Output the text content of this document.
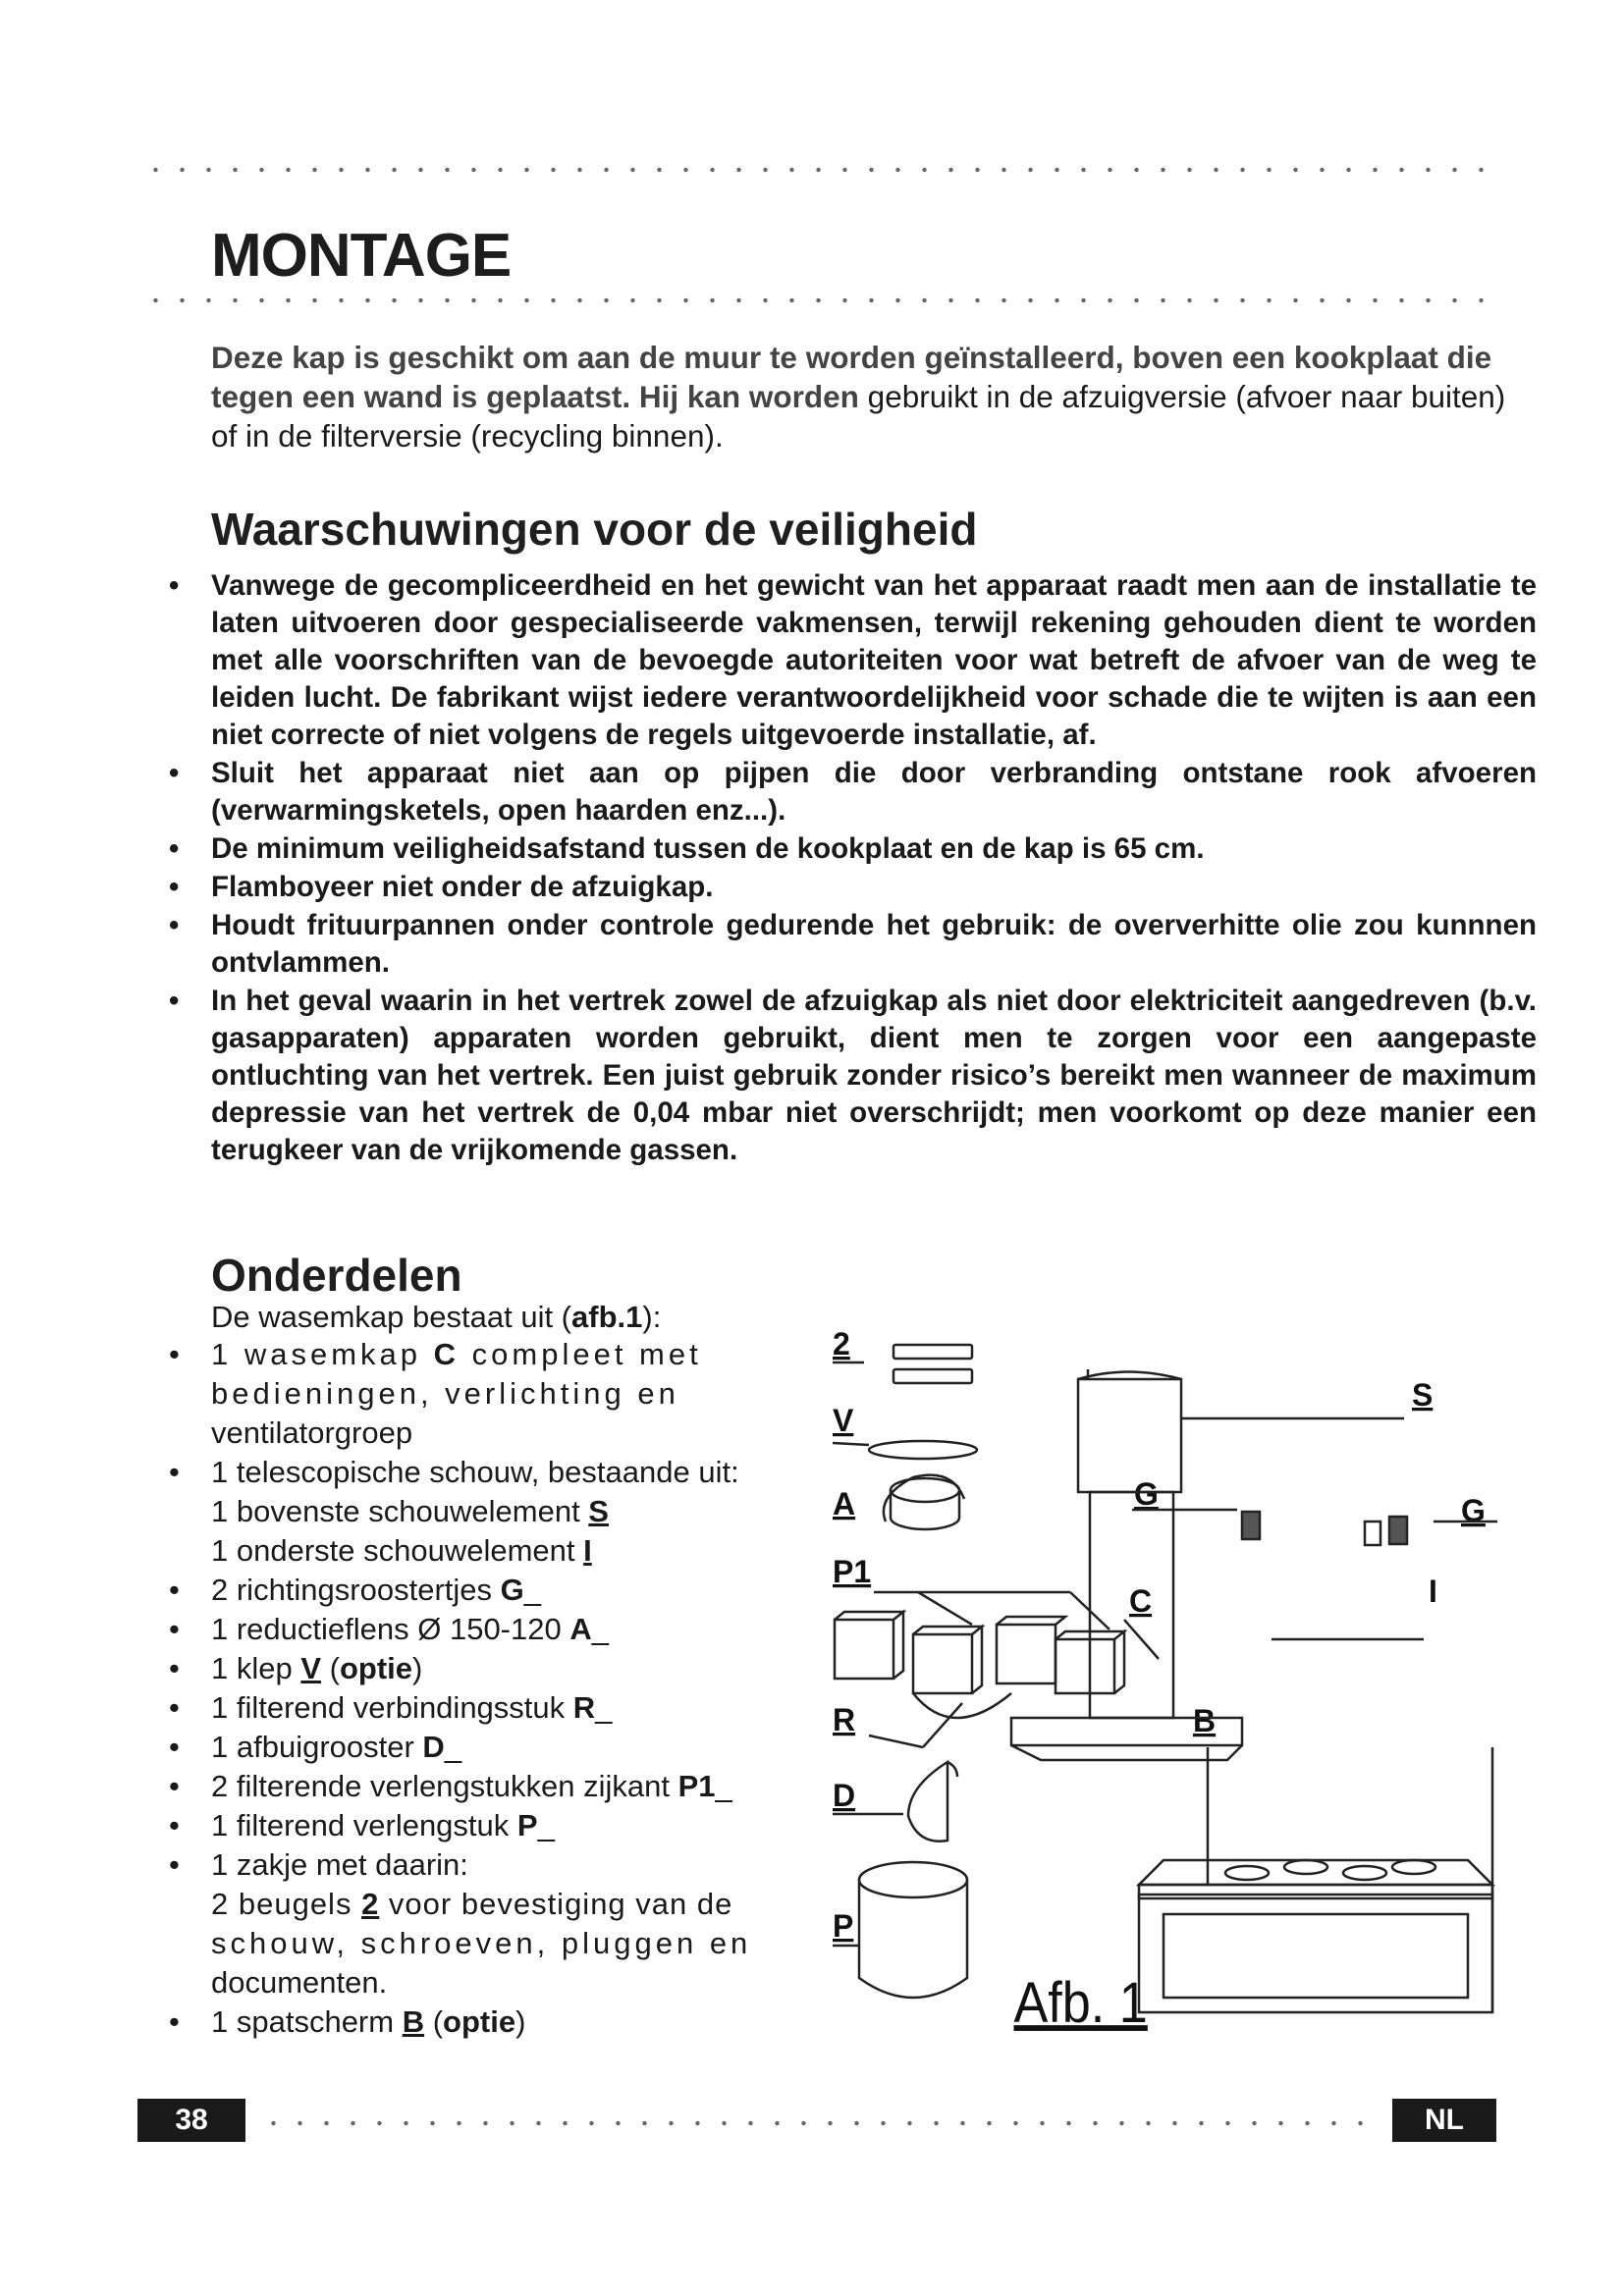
MONTAGE
Deze kap is geschikt om aan de muur te worden geïnstalleerd, boven een kookplaat die tegen een wand is geplaatst. Hij kan worden gebruikt in de afzuigversie (afvoer naar buiten) of in de filterversie (recycling binnen).
Waarschuwingen voor de veiligheid
• Vanwege de gecompliceerdheid en het gewicht van het apparaat raadt men aan de installatie te laten uitvoeren door gespecialiseerde vakmensen, terwijl rekening gehouden dient te worden met alle voorschriften van de bevoegde autoriteiten voor wat betreft de afvoer van de weg te leiden lucht. De fabrikant wijst iedere verantwoordelijkheid voor schade die te wijten is aan een niet correcte of niet volgens de regels uitgevoerde installatie, af.
• Sluit het apparaat niet aan op pijpen die door verbranding ontstane rook afvoeren (verwarmingsketels, open haarden enz...).
• De minimum veiligheidsafstand tussen de kookplaat en de kap is 65 cm.
• Flamboyeer niet onder de afzuigkap.
• Houdt frituurpannen onder controle gedurende het gebruik: de oververhitte olie zou kunnnen ontvlammen.
• In het geval waarin in het vertrek zowel de afzuigkap als niet door elektriciteit aangedreven (b.v. gasapparaten) apparaten worden gebruikt, dient men te zorgen voor een aangepaste ontluchting van het vertrek. Een juist gebruik zonder risico’s bereikt men wanneer de maximum depressie van het vertrek de 0,04 mbar niet overschrijdt; men voorkomt op deze manier een terugkeer van de vrijkomende gassen.
Onderdelen
De wasemkap bestaat uit (afb.1):
• 1 wasemkap C compleet met bedieningen, verlichting en
ventilatorgroep
• 1 telescopische schouw, bestaande uit:
1 bovenste schouwelement S
1 onderste schouwelement I
• 2 richtingsroostertjes G_
• 1 reductieflens Ø 150-120 A_
• 1 klep V (optie)
• 1 filterend verbindingsstuk R_
• 1 afbuigrooster D_
• 2 filterende verlengstukken zijkant P1_
• 1 filterend verlengstuk P_
• 1 zakje met daarin:
2 beugels 2 voor bevestiging van de
schouw, schroeven, pluggen en
documenten.
• 1 spatscherm B (optie)
2
V
A
P1
R
D
P
G
S
G
C	I
B
Afb. 1
38	NL
